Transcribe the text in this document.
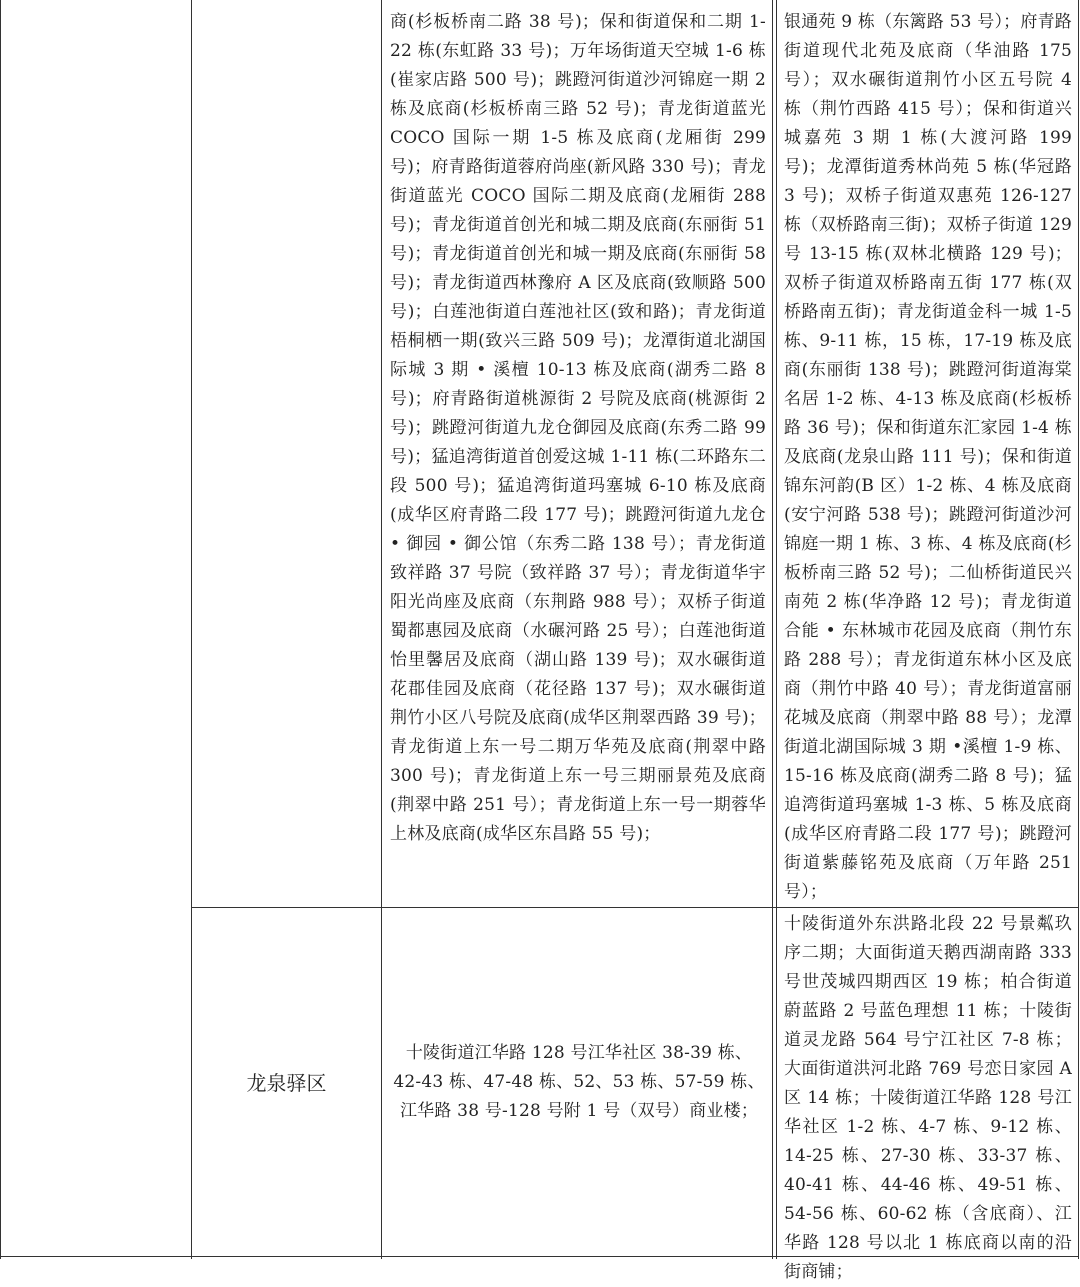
商(杉板桥南二路 38 号)；保和街道保和二期 1-22 栋(东虹路 33 号)；万年场街道天空城 1-6 栋(崔家店路 500 号)；跳蹬河街道沙河锦庭一期 2 栋及底商(杉板桥南三路 52 号)；青龙街道蓝光 COCO 国际一期 1-5 栋及底商(龙厢街 299 号)；府青路街道蓉府尚座(新风路 330 号)；青龙街道蓝光 COCO 国际二期及底商(龙厢街 288 号)；青龙街道首创光和城二期及底商(东丽街 51 号)；青龙街道首创光和城一期及底商(东丽街 58 号)；青龙街道西林豫府 A 区及底商(致顺路 500 号)；白莲池街道白莲池社区(致和路)；青龙街道梧桐栖一期(致兴三路 509 号)；龙潭街道北湖国际城 3 期 • 溪檀 10-13 栋及底商(湖秀二路 8 号)；府青路街道桃源街 2 号院及底商(桃源街 2 号)；跳蹬河街道九龙仓御园及底商(东秀二路 99 号)；猛追湾街道首创爱这城 1-11 栋(二环路东二段 500 号)；猛追湾街道玛塞城 6-10 栋及底商(成华区府青路二段 177 号)；跳蹬河街道九龙仓 • 御园 • 御公馆（东秀二路 138 号）；青龙街道致祥路 37 号院（致祥路 37 号）；青龙街道华宇阳光尚座及底商（东荆路 988 号）；双桥子街道蜀都惠园及底商（水碾河路 25 号）；白莲池街道怡里馨居及底商（湖山路 139 号)；双水碾街道花郡佳园及底商（花径路 137 号)；双水碾街道荆竹小区八号院及底商(成华区荆翠西路 39 号)；青龙街道上东一号二期万华苑及底商(荆翠中路 300 号)；青龙街道上东一号三期丽景苑及底商(荆翠中路 251 号）；青龙街道上东一号一期蓉华上林及底商(成华区东昌路 55 号)；
银通苑 9 栋（东篱路 53 号）；府青路街道现代北苑及底商（华油路 175 号）；双水碾街道荆竹小区五号院 4 栋（荆竹西路 415 号）；保和街道兴城嘉苑 3 期 1 栋(大渡河路 199 号)；龙潭街道秀林尚苑 5 栋(华冠路 3 号)；双桥子街道双惠苑 126-127 栋（双桥路南三街)；双桥子街道 129 号 13-15 栋(双林北横路 129 号)；双桥子街道双桥路南五街 177 栋(双桥路南五街)；青龙街道金科一城 1-5 栋、9-11 栋，15 栋，17-19 栋及底商(东丽街 138 号)；跳蹬河街道海棠名居 1-2 栋、4-13 栋及底商(杉板桥路 36 号)；保和街道东汇家园 1-4 栋及底商(龙泉山路 111 号)；保和街道锦东河韵(B 区）1-2 栋、4 栋及底商(安宁河路 538 号)；跳蹬河街道沙河锦庭一期 1 栋、3 栋、4 栋及底商(杉板桥南三路 52 号)；二仙桥街道民兴南苑 2 栋(华净路 12 号)；青龙街道合能 • 东林城市花园及底商（荆竹东路 288 号）；青龙街道东林小区及底商（荆竹中路 40 号）；青龙街道富丽花城及底商（荆翠中路 88 号）；龙潭街道北湖国际城 3 期 •溪檀 1-9 栋、15-16 栋及底商(湖秀二路 8 号)；猛追湾街道玛塞城 1-3 栋、5 栋及底商(成华区府青路二段 177 号)；跳蹬河街道紫藤铭苑及底商（万年路 251 号）；
龙泉驿区
十陵街道江华路 128 号江华社区 38-39 栋、42-43 栋、47-48 栋、52、53 栋、57-59 栋、江华路 38 号-128 号附 1 号（双号）商业楼；
十陵街道外东洪路北段 22 号景粼玖序二期；大面街道天鹅西湖南路 333 号世茂城四期西区 19 栋；柏合街道蔚蓝路 2 号蓝色理想 11 栋；十陵街道灵龙路 564 号宁江社区 7-8 栋；大面街道洪河北路 769 号恋日家园 A 区 14 栋；十陵街道江华路 128 号江华社区 1-2 栋、4-7 栋、9-12 栋、14-25 栋、27-30 栋、33-37 栋、40-41 栋、44-46 栋、49-51 栋、54-56 栋、60-62 栋（含底商）、江华路 128 号以北 1 栋底商以南的沿街商铺；
